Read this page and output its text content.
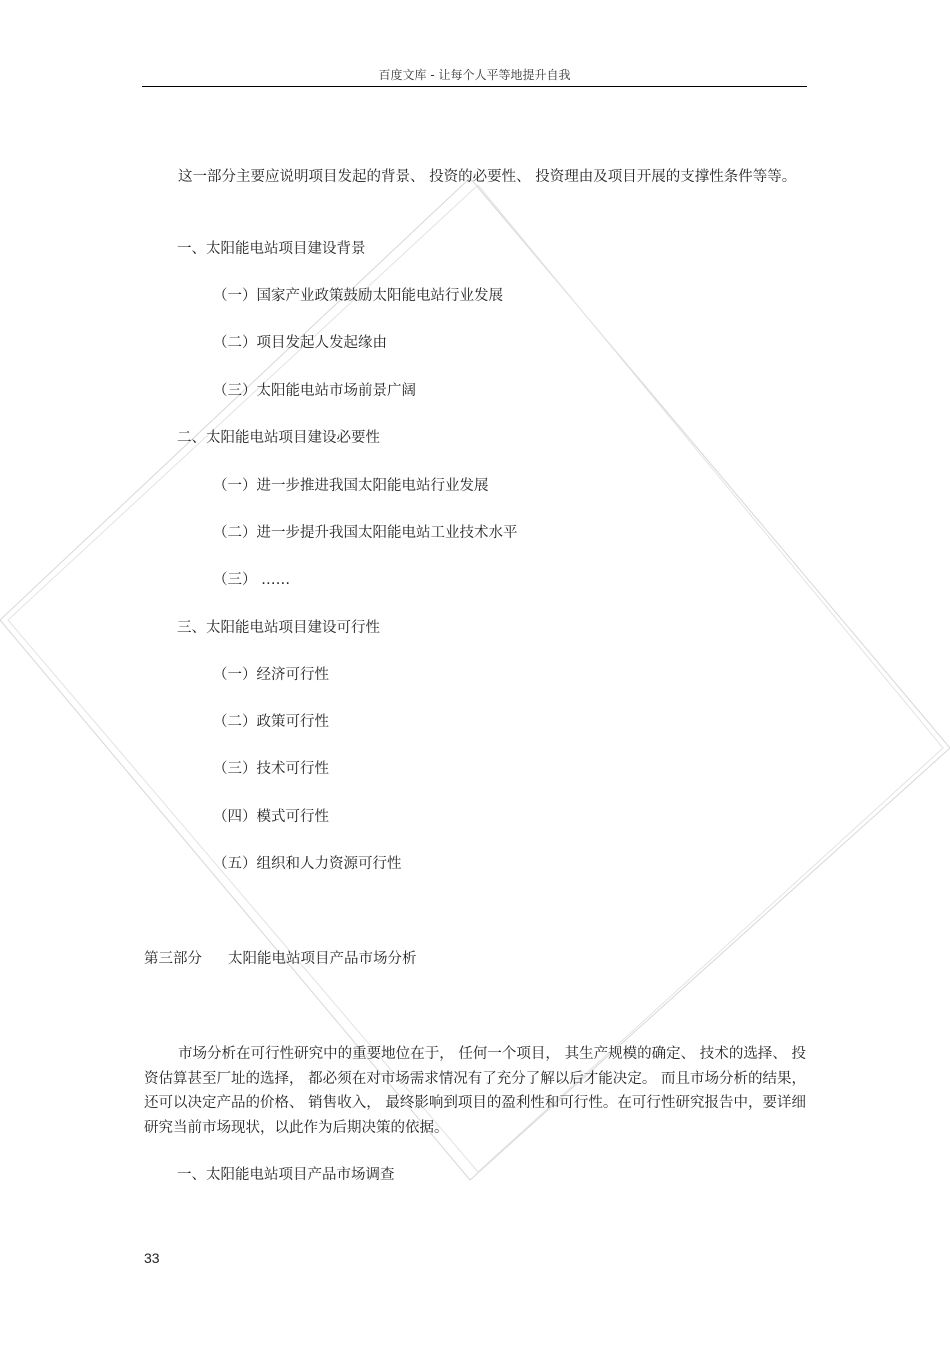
百度文库 - 让每个人平等地提升自我
这一部分主要应说明项目发起的背景、 投资的必要性、 投资理由及项目开展的支撑性条件等等。
一、太阳能电站项目建设背景
（一）国家产业政策鼓励太阳能电站行业发展
（二）项目发起人发起缘由
（三）太阳能电站市场前景广阔
二、太阳能电站项目建设必要性
（一）进一步推进我国太阳能电站行业发展
（二）进一步提升我国太阳能电站工业技术水平
（三） ……
三、太阳能电站项目建设可行性
（一）经济可行性
（二）政策可行性
（三）技术可行性
（四）模式可行性
（五）组织和人力资源可行性
第三部分 太阳能电站项目产品市场分析
市场分析在可行性研究中的重要地位在于， 任何一个项目， 其生产规模的确定、 技术的选择、 投资估算甚至厂址的选择， 都必须在对市场需求情况有了充分了解以后才能决定。 而且市场分析的结果， 还可以决定产品的价格、 销售收入， 最终影响到项目的盈利性和可行性。在可行性研究报告中，要详细研究当前市场现状，以此作为后期决策的依据。
一、太阳能电站项目产品市场调查
33
